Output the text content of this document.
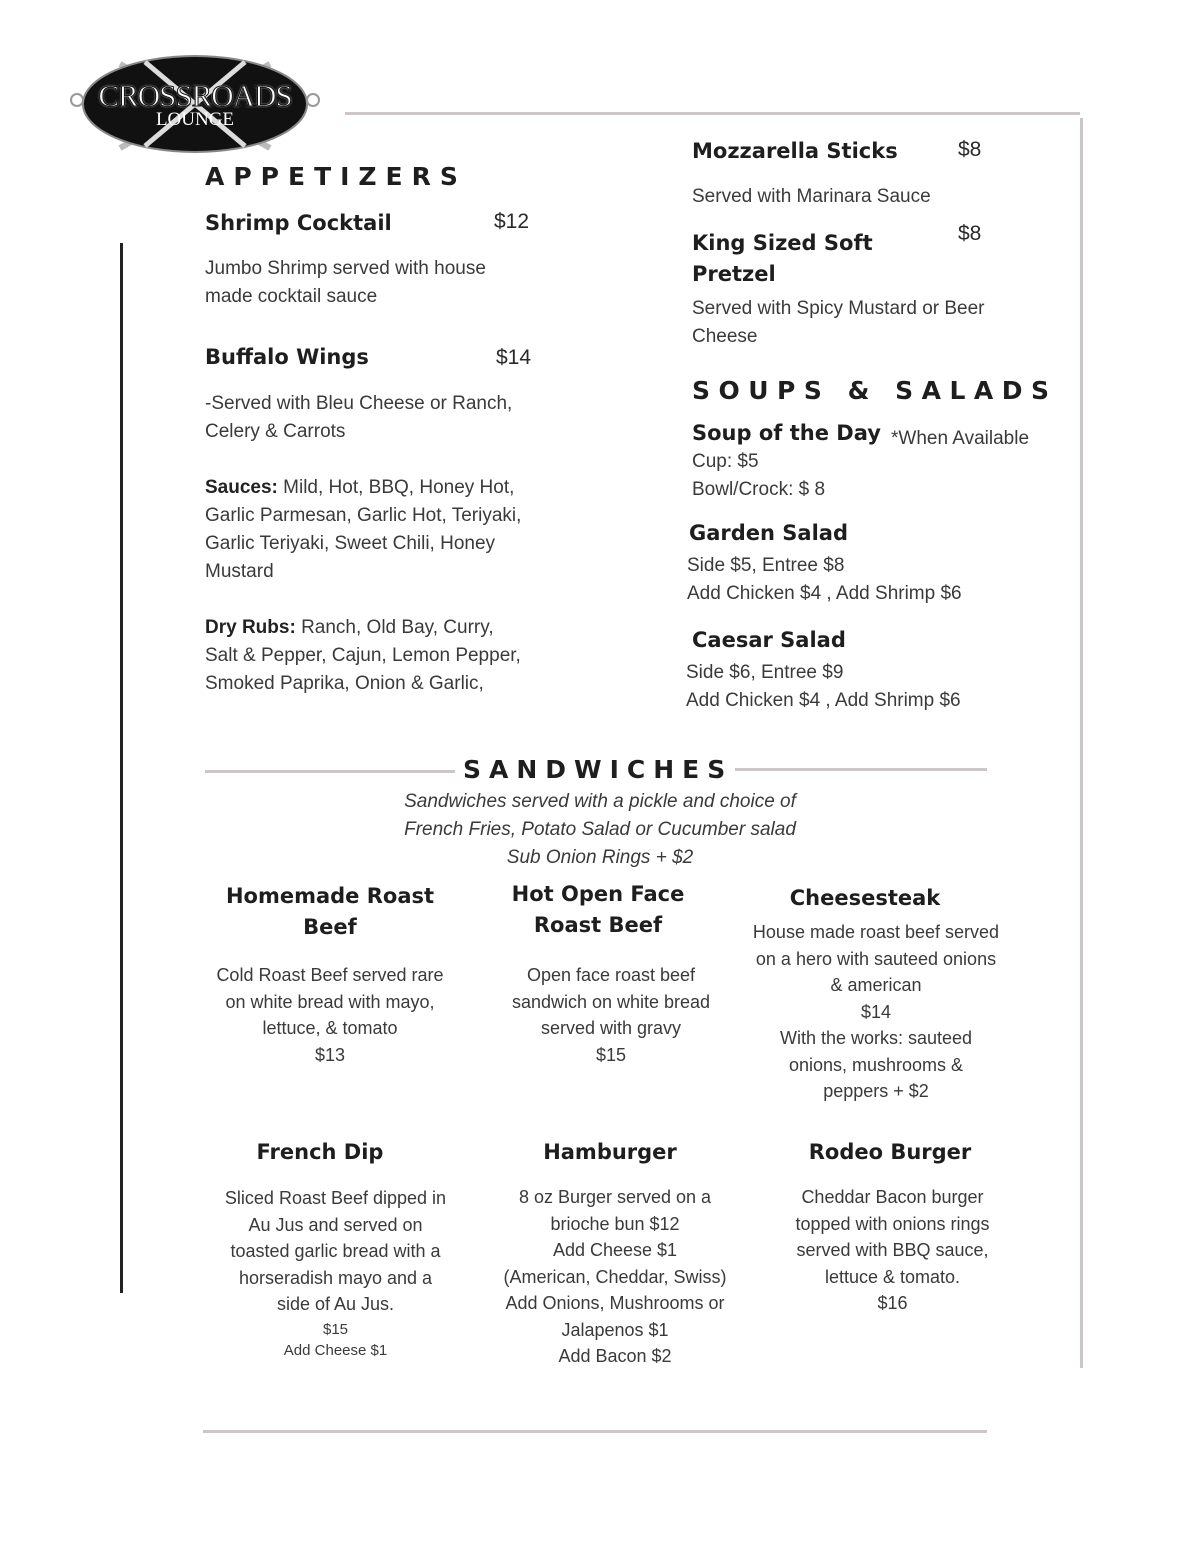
CROSSROADS
LOUNGE
APPETIZERS
Shrimp Cocktail	$12
Jumbo Shrimp served with house made cocktail sauce
Buffalo Wings	$14
-Served with Bleu Cheese or Ranch, Celery & Carrots
Sauces: Mild, Hot, BBQ, Honey Hot, Garlic Parmesan, Garlic Hot, Teriyaki, Garlic Teriyaki, Sweet Chili, Honey Mustard
Dry Rubs: Ranch, Old Bay, Curry, Salt & Pepper, Cajun, Lemon Pepper, Smoked Paprika, Onion & Garlic,
Mozzarella Sticks	$8
Served with Marinara Sauce
King Sized Soft Pretzel
$8
Served with Spicy Mustard or Beer Cheese
SOUPS & SALADS
Soup of the Day *When Available
Cup: $5
Bowl/Crock: $ 8
Garden Salad
Side $5, Entree $8
Add Chicken $4 , Add Shrimp $6
Caesar Salad
Side $6, Entree $9
Add Chicken $4 , Add Shrimp $6
SANDWICHES
Sandwiches served with a pickle and choice of
French Fries, Potato Salad or Cucumber salad
Sub Onion Rings + $2
Homemade Roast Beef
Cold Roast Beef served rare on white bread with mayo, lettuce, & tomato
$13
Hot Open Face Roast Beef
Open face roast beef sandwich on white bread served with gravy
$15
Cheesesteak
House made roast beef served on a hero with sauteed onions & american
$14
With the works: sauteed onions, mushrooms & peppers + $2
French Dip
Sliced Roast Beef dipped in Au Jus and served on toasted garlic bread with a horseradish mayo and a side of Au Jus.
$15
Add Cheese $1
Hamburger
8 oz Burger served on a brioche bun $12
Add Cheese $1
(American, Cheddar, Swiss)
Add Onions, Mushrooms or Jalapenos $1
Add Bacon $2
Rodeo Burger
Cheddar Bacon burger topped with onions rings served with BBQ sauce, lettuce & tomato.
$16
